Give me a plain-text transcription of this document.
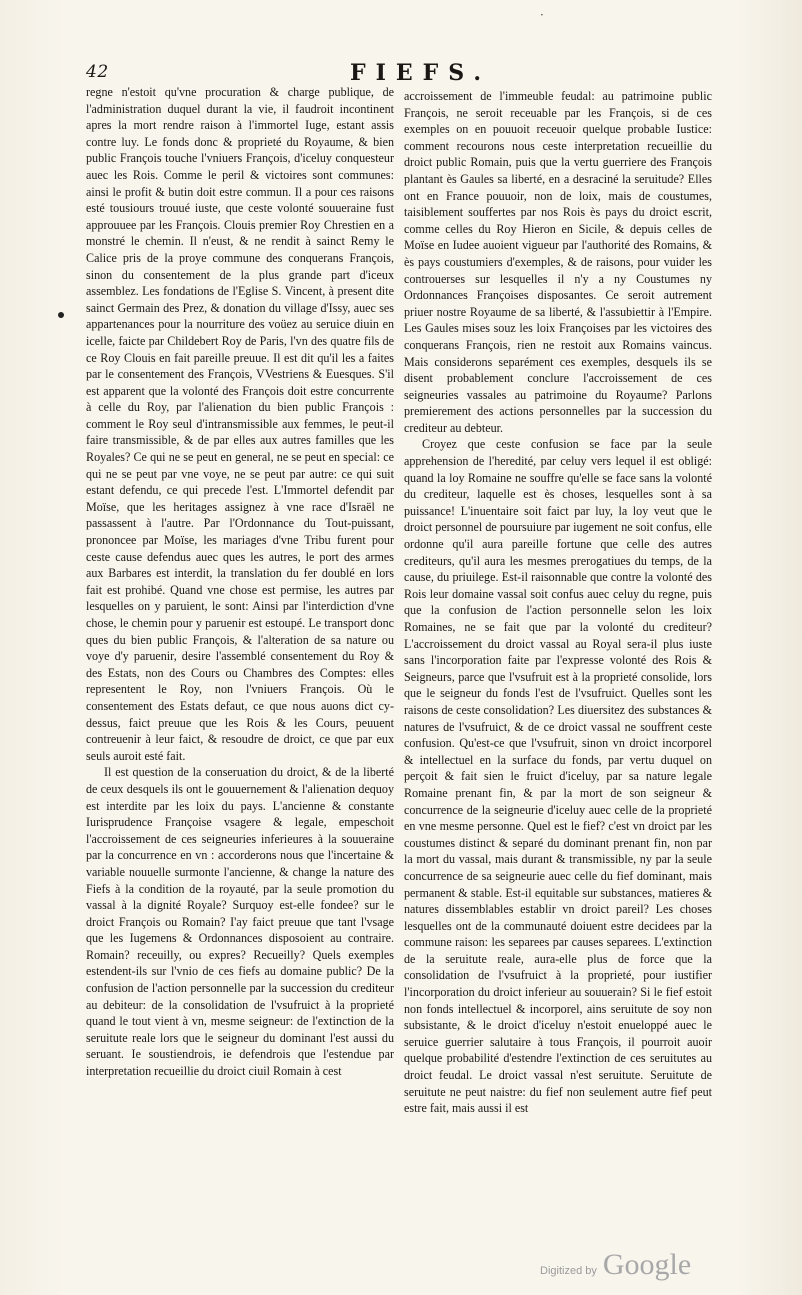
·
42	FIEFS.

regne n'estoit qu'vne procuration & charge publique, de l'administration duquel durant la vie, il faudroit incontinent apres la mort rendre raison à l'immortel Iuge, estant assis contre luy. Le fonds donc & proprieté du Royaume, & bien public François touche l'vniuers François, d'iceluy conquesteur auec les Rois. Comme le peril & victoires sont communes: ainsi le profit & butin doit estre commun. Il a pour ces raisons esté tousiours trouué iuste, que ceste volonté souueraine fust approuuee par les François. Clouis premier Roy Chrestien en a monstré le chemin. Il n'eust, & ne rendit à sainct Remy le Calice pris de la proye commune des conquerans François, sinon du consentement de la plus grande part d'iceux assemblez. Les fondations de l'Eglise S. Vincent, à present dite sainct Germain des Prez, & donation du village d'Issy, auec ses appartenances pour la nourriture des voüez au seruice diuin en icelle, faicte par Childebert Roy de Paris, l'vn des quatre fils de ce Roy Clouis en fait pareille preuue. Il est dit qu'il les a faites par le consentement des François, VVestriens & Euesques. S'il est apparent que la volonté des François doit estre concurrente à celle du Roy, par l'alienation du bien public François : comment le Roy seul d'intransmissible aux femmes, le peut-il faire transmissible, & de par elles aux autres familles que les Royales? Ce qui ne se peut en general, ne se peut en special: ce qui ne se peut par vne voye, ne se peut par autre: ce qui suit estant defendu, ce qui precede l'est. L'Immortel defendit par Moïse, que les heritages assignez à vne race d'Israël ne passassent à l'autre. Par l'Ordonnance du Tout-puissant, prononcee par Moïse, les mariages d'vne Tribu furent pour ceste cause defendus auec ques les autres, le port des armes aux Barbares est interdit, la translation du fer doublé en lors fait est prohibé. Quand vne chose est permise, les autres par lesquelles on y paruient, le sont: Ainsi par l'interdiction d'vne chose, le chemin pour y paruenir est estoupé. Le transport donc ques du bien public François, & l'alteration de sa nature ou voye d'y paruenir, desire l'assemblé consentement du Roy & des Estats, non des Cours ou Chambres des Comptes: elles representent le Roy, non l'vniuers François. Où le consentement des Estats defaut, ce que nous auons dict cy-dessus, faict preuue que les Rois & les Cours, peuuent contreuenir à leur faict, & resoudre de droict, ce que par eux seuls auroit esté fait.

Il est question de la conseruation du droict, & de la liberté de ceux desquels ils ont le gouuernement & l'alienation dequoy est interdite par les loix du pays. L'ancienne & constante Iurisprudence Françoise vsagere & legale, empeschoit l'accroissement de ces seigneuries inferieures à la souueraine par la concurrence en vn : accorderons nous que l'incertaine & variable nouuelle surmonte l'ancienne, & change la nature des Fiefs à la condition de la royauté, par la seule promotion du vassal à la dignité Royale? Surquoy est-elle fondee? sur le droict François ou Romain? I'ay faict preuue que tant l'vsage que les Iugemens & Ordonnances disposoient au contraire. Romain? receuilly, ou expres? Recueilly? Quels exemples estendent-ils sur l'vnio de ces fiefs au domaine public? De la confusion de l'action personnelle par la succession du crediteur au debiteur: de la consolidation de l'vsufruict à la proprieté quand le tout vient à vn, mesme seigneur: de l'extinction de la seruitute reale lors que le seigneur du dominant l'est aussi du seruant. Ie soustiendrois, ie defendrois que l'estendue par interpretation recueillie du droict ciuil Romain à cest

accroissement de l'immeuble feudal: au patrimoine public François, ne seroit receuable par les François, si de ces exemples on en pouuoit receuoir quelque probable Iustice: comment recourons nous ceste interpretation recueillie du droict public Romain, puis que la vertu guerriere des François plantant ès Gaules sa liberté, en a desraciné la seruitude? Elles ont en France pouuoir, non de loix, mais de coustumes, taisiblement souffertes par nos Rois ès pays du droict escrit, comme celles du Roy Hieron en Sicile, & depuis celles de Moïse en Iudee auoient vigueur par l'authorité des Romains, & ès pays coustumiers d'exemples, & de raisons, pour vuider les controuerses sur lesquelles il n'y a ny Coustumes ny Ordonnances Françoises disposantes. Ce seroit autrement priuer nostre Royaume de sa liberté, & l'assubiettir à l'Empire. Les Gaules mises souz les loix Françoises par les victoires des conquerans François, rien ne restoit aux Romains vaincus. Mais considerons separément ces exemples, desquels ils se disent probablement conclure l'accroissement de ces seigneuries vassales au patrimoine du Royaume? Parlons premierement des actions personnelles par la succession du crediteur au debteur.

Croyez que ceste confusion se face par la seule apprehension de l'heredité, par celuy vers lequel il est obligé: quand la loy Romaine ne souffre qu'elle se face sans la volonté du crediteur, laquelle est ès choses, lesquelles sont à sa puissance! L'inuentaire soit faict par luy, la loy veut que le droict personnel de poursuiure par iugement ne soit confus, elle ordonne qu'il aura pareille fortune que celle des autres crediteurs, qu'il aura les mesmes prerogatiues du temps, de la cause, du priuilege. Est-il raisonnable que contre la volonté des Rois leur domaine vassal soit confus auec celuy du regne, puis que la confusion de l'action personnelle selon les loix Romaines, ne se fait que par la volonté du crediteur? L'accroissement du droict vassal au Royal sera-il plus iuste sans l'incorporation faite par l'expresse volonté des Rois & Seigneurs, parce que l'vsufruit est à la proprieté consolide, lors que le seigneur du fonds l'est de l'vsufruict. Quelles sont les raisons de ceste consolidation? Les diuersitez des substances & natures de l'vsufruict, & de ce droict vassal ne souffrent ceste confusion. Qu'est-ce que l'vsufruit, sinon vn droict incorporel & intellectuel en la surface du fonds, par vertu duquel on perçoit & fait sien le fruict d'iceluy, par sa nature legale Romaine prenant fin, & par la mort de son seigneur & concurrence de la seigneurie d'iceluy auec celle de la proprieté en vne mesme personne. Quel est le fief? c'est vn droict par les coustumes distinct & separé du dominant prenant fin, non par la mort du vassal, mais durant & transmissible, ny par la seule concurrence de sa seigneurie auec celle du fief dominant, mais permanent & stable. Est-il equitable sur substances, matieres & natures dissemblables establir vn droict pareil? Les choses lesquelles ont de la communauté doiuent estre decidees par la commune raison: les separees par causes separees. L'extinction de la seruitute reale, aura-elle plus de force que la consolidation de l'vsufruict à la proprieté, pour iustifier l'incorporation du droict inferieur au souuerain? Si le fief estoit non fonds intellectuel & incorporel, ains seruitute de soy non subsistante, & le droict d'iceluy n'estoit enueloppé auec le seruice guerrier salutaire à tous François, il pourroit auoir quelque probabilité d'estendre l'extinction de ces seruitutes au droict feudal. Le droict vassal n'est seruitute. Seruitute de seruitute ne peut naistre: du fief non seulement autre fief peut estre fait, mais aussi il est

Digitized by Google
